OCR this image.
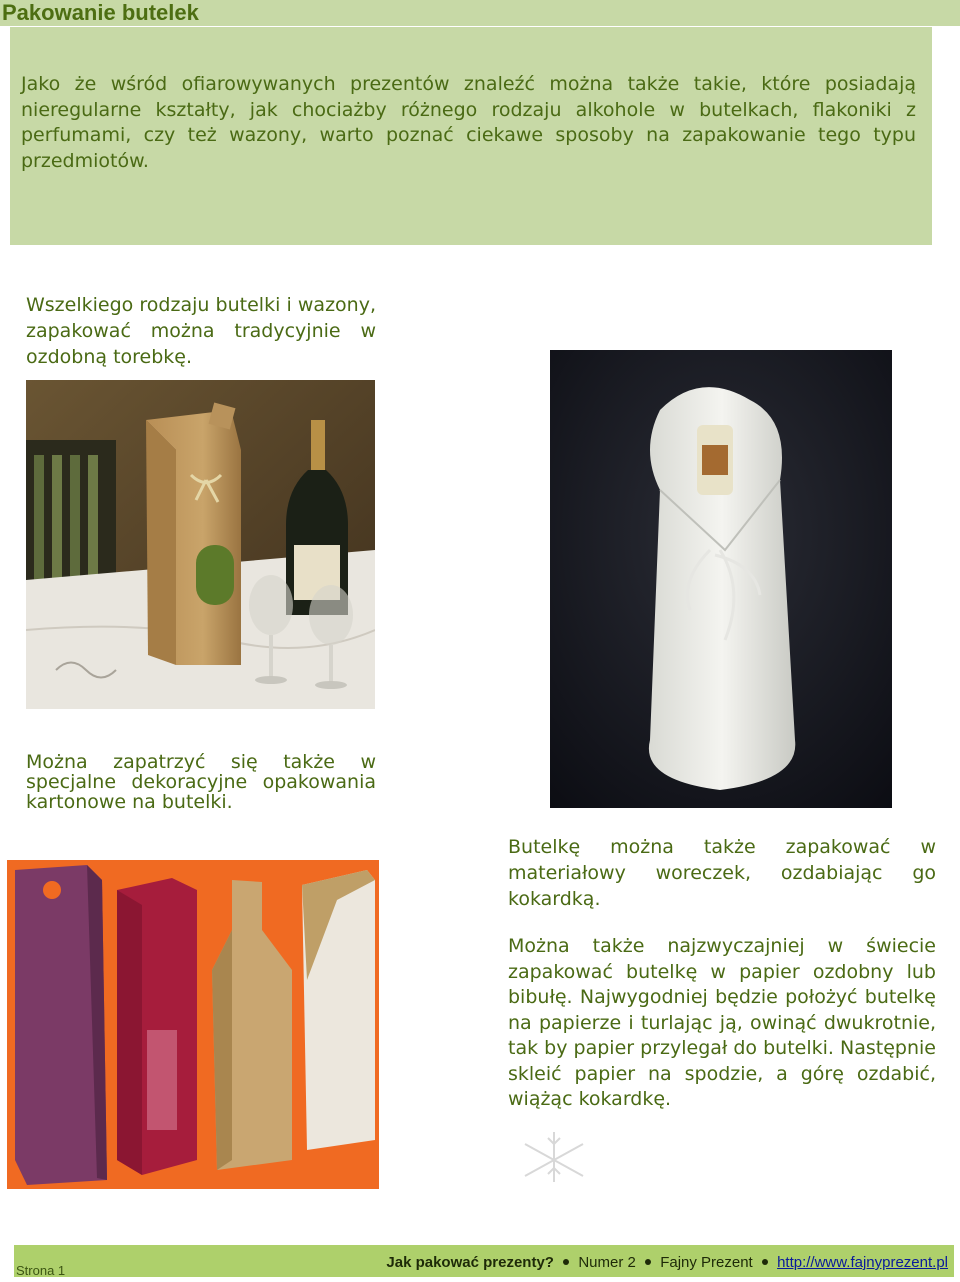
Pakowanie butelek
Jako że wśród ofiarowywanych prezentów znaleźć można także takie, które posiadają nieregularne kształty, jak chociażby różnego rodzaju alkohole w butelkach, flakoniki z perfumami, czy też wazony, warto poznać ciekawe sposoby na zapakowanie tego typu przedmiotów.
Wszelkiego rodzaju butelki i wazony, zapakować można tradycyjnie w ozdobną torebkę.
Można zapatrzyć się także w specjalne dekoracyjne opakowania kartonowe na butelki.
Butelkę można także zapakować w materiałowy woreczek, ozdabiając go kokardką.
Można także najzwyczajniej w świecie zapakować butelkę w papier ozdobny lub bibułę. Najwygodniej będzie położyć butelkę na papierze i turlając ją, owinąć dwukrotnie, tak by papier przylegał do butelki. Następnie skleić papier na spodzie, a górę ozdabić, wiążąc kokardkę.
Strona 1	Jak pakować prezenty? Numer 2 Fajny Prezent http://www.fajnyprezent.pl
